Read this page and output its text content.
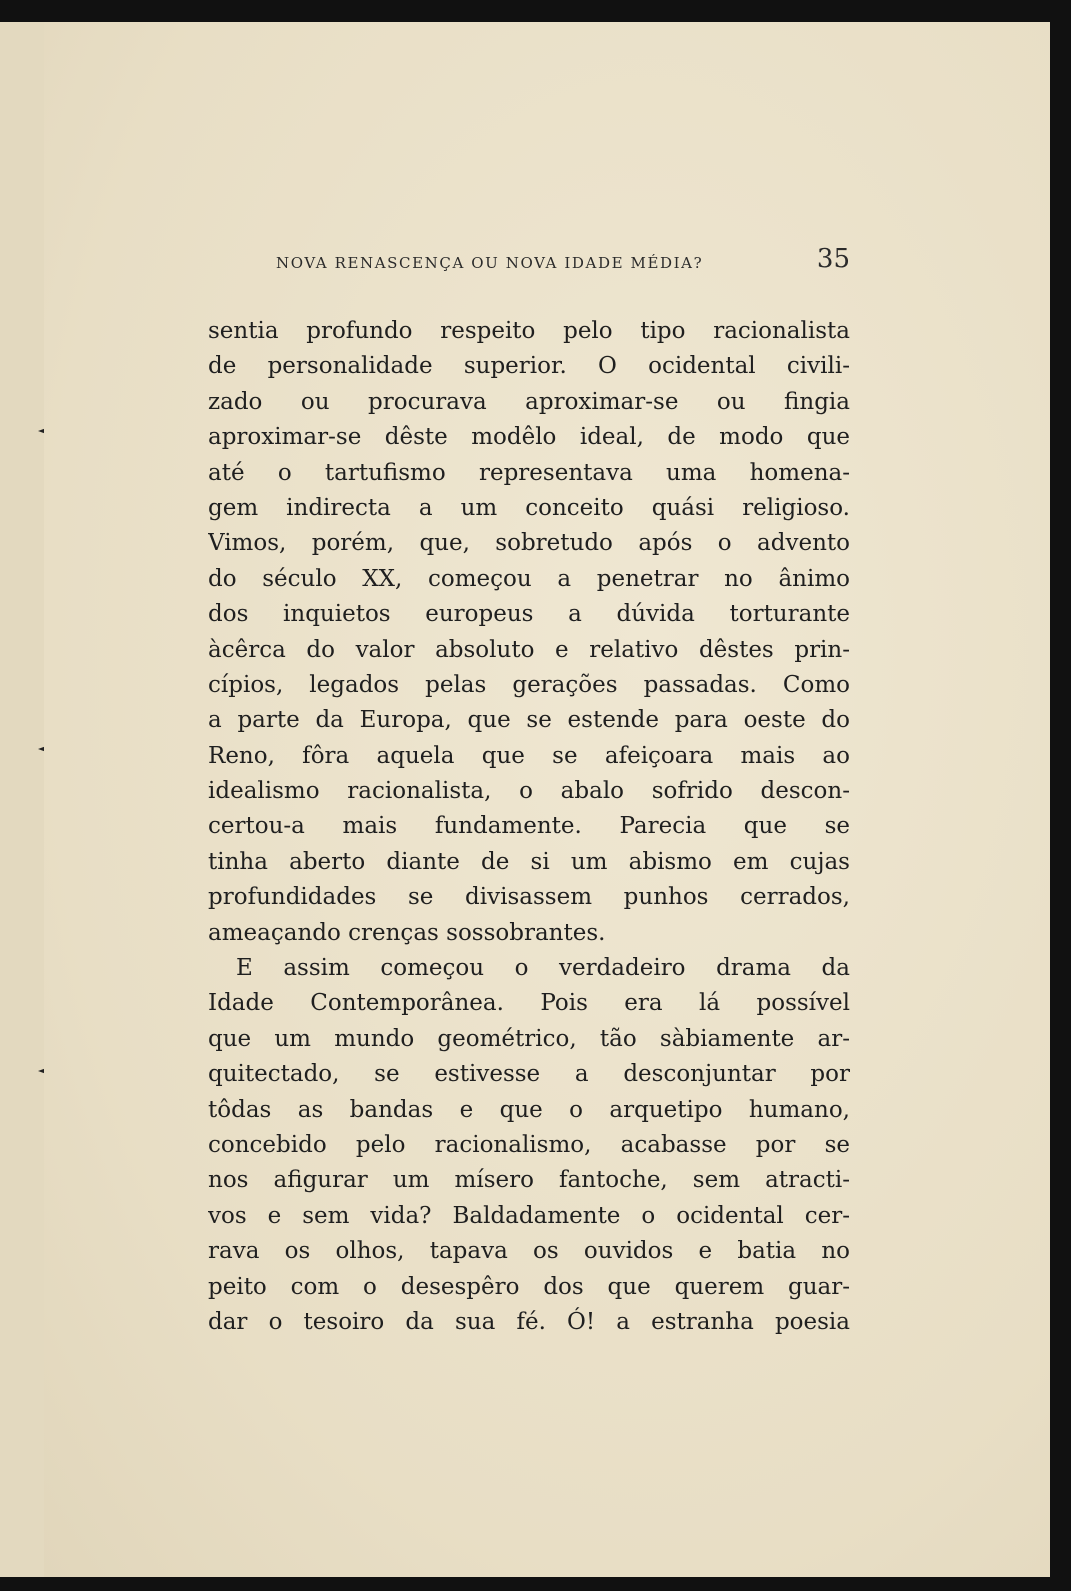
NOVA RENASCENÇA OU NOVA IDADE MÉDIA?	35
sentia profundo respeito pelo tipo racionalista
de personalidade superior. O ocidental civili-
zado ou procurava aproximar-se ou fingia
aproximar-se dêste modêlo ideal, de modo que
até o tartufismo representava uma homena-
gem indirecta a um conceito quási religioso.
Vimos, porém, que, sobretudo após o advento
do século XX, começou a penetrar no ânimo
dos inquietos europeus a dúvida torturante
àcêrca do valor absoluto e relativo dêstes prin-
cípios, legados pelas gerações passadas. Como
a parte da Europa, que se estende para oeste do
Reno, fôra aquela que se afeiçoara mais ao
idealismo racionalista, o abalo sofrido descon-
certou-a mais fundamente. Parecia que se
tinha aberto diante de si um abismo em cujas
profundidades se divisassem punhos cerrados,
ameaçando crenças sossobrantes.
E assim começou o verdadeiro drama da
Idade Contemporânea. Pois era lá possível
que um mundo geométrico, tão sàbiamente ar-
quitectado, se estivesse a desconjuntar por
tôdas as bandas e que o arquetipo humano,
concebido pelo racionalismo, acabasse por se
nos afigurar um mísero fantoche, sem atracti-
vos e sem vida? Baldadamente o ocidental cer-
rava os olhos, tapava os ouvidos e batia no
peito com o desespêro dos que querem guar-
dar o tesoiro da sua fé. Ó! a estranha poesia
